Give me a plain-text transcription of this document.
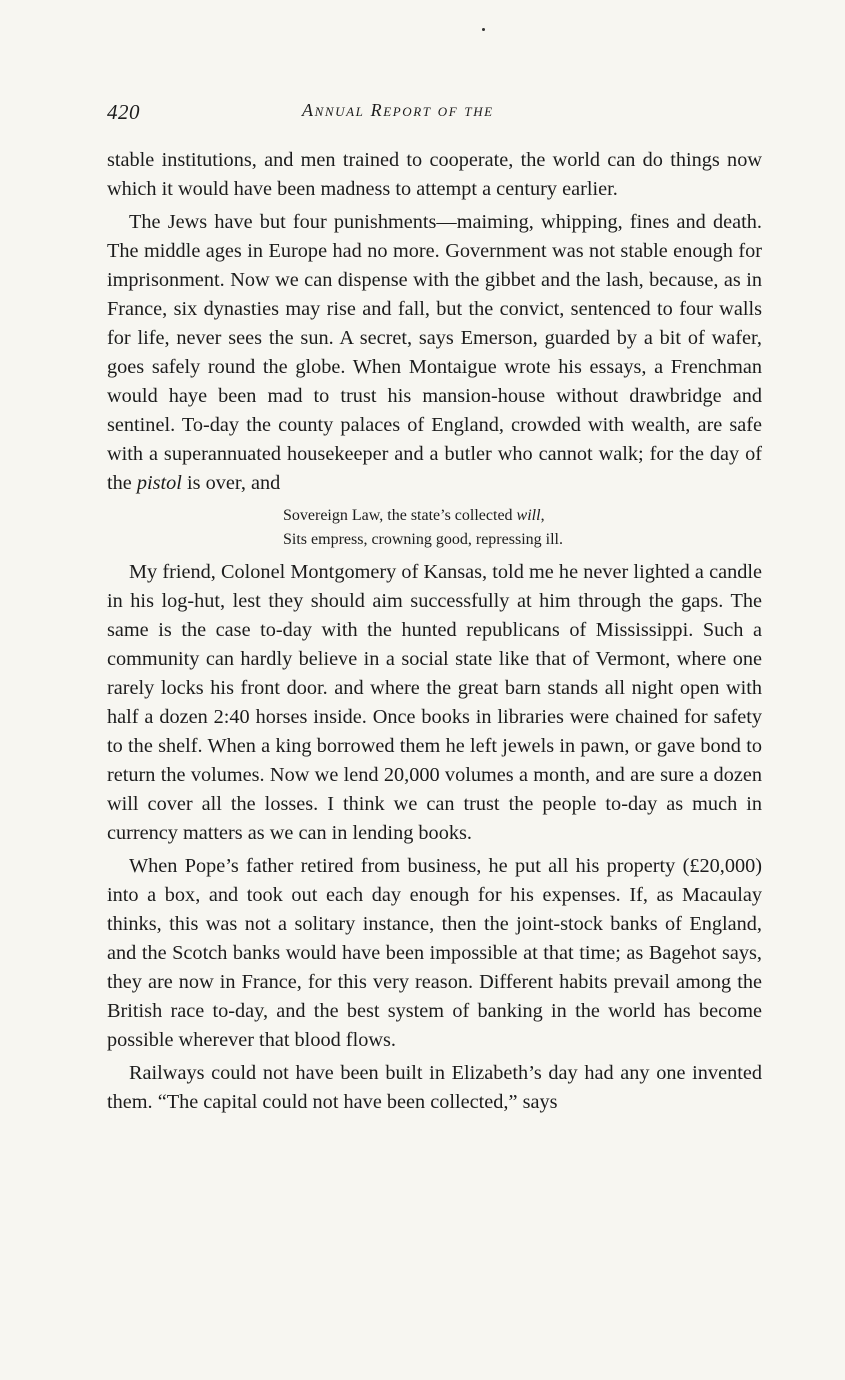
420	Annual Report of the

stable institutions, and men trained to cooperate, the world can do things now which it would have been madness to attempt a century earlier.

The Jews have but four punishments—maiming, whipping, fines and death. The middle ages in Europe had no more. Government was not stable enough for imprisonment. Now we can dispense with the gibbet and the lash, because, as in France, six dynasties may rise and fall, but the convict, sentenced to four walls for life, never sees the sun. A secret, says Emerson, guarded by a bit of wafer, goes safely round the globe. When Montaigue wrote his essays, a Frenchman would haye been mad to trust his mansion-house without drawbridge and sentinel. To-day the county palaces of England, crowded with wealth, are safe with a superannuated housekeeper and a butler who cannot walk; for the day of the pistol is over, and

Sovereign Law, the state’s collected will,
Sits empress, crowning good, repressing ill.

My friend, Colonel Montgomery of Kansas, told me he never lighted a candle in his log-hut, lest they should aim successfully at him through the gaps. The same is the case to-day with the hunted republicans of Mississippi. Such a community can hardly believe in a social state like that of Vermont, where one rarely locks his front door. and where the great barn stands all night open with half a dozen 2:40 horses inside. Once books in libraries were chained for safety to the shelf. When a king borrowed them he left jewels in pawn, or gave bond to return the volumes. Now we lend 20,000 volumes a month, and are sure a dozen will cover all the losses. I think we can trust the people to-day as much in currency matters as we can in lending books.

When Pope’s father retired from business, he put all his property (£20,000) into a box, and took out each day enough for his expenses. If, as Macaulay thinks, this was not a solitary instance, then the joint-stock banks of England, and the Scotch banks would have been impossible at that time; as Bagehot says, they are now in France, for this very reason. Different habits prevail among the British race to-day, and the best system of banking in the world has become possible wherever that blood flows.

Railways could not have been built in Elizabeth’s day had any one invented them. “The capital could not have been collected,” says
